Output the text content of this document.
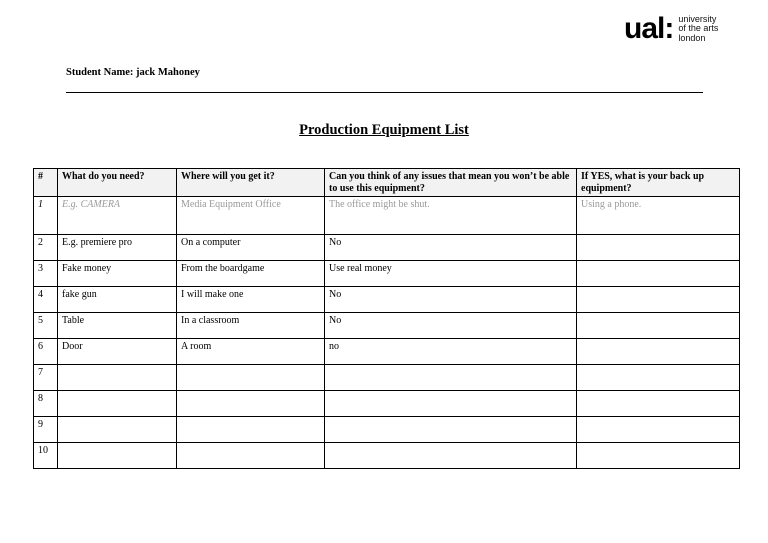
ual: university
of the arts
london
Student Name: jack Mahoney
Production Equipment List
#	What do you need?	Where will you get it?	Can you think of any issues that mean you won’t be able to use this equipment?	If YES, what is your back up equipment?
1	E.g. CAMERA	Media Equipment Office	The office might be shut.	Using a phone.
2	E.g. premiere pro	On a computer	No	
3	Fake money	From the boardgame	Use real money	
4	fake gun	I will make one	No	
5	Table	In a classroom	No	
6	Door	A room	no	
7				
8				
9				
10				
